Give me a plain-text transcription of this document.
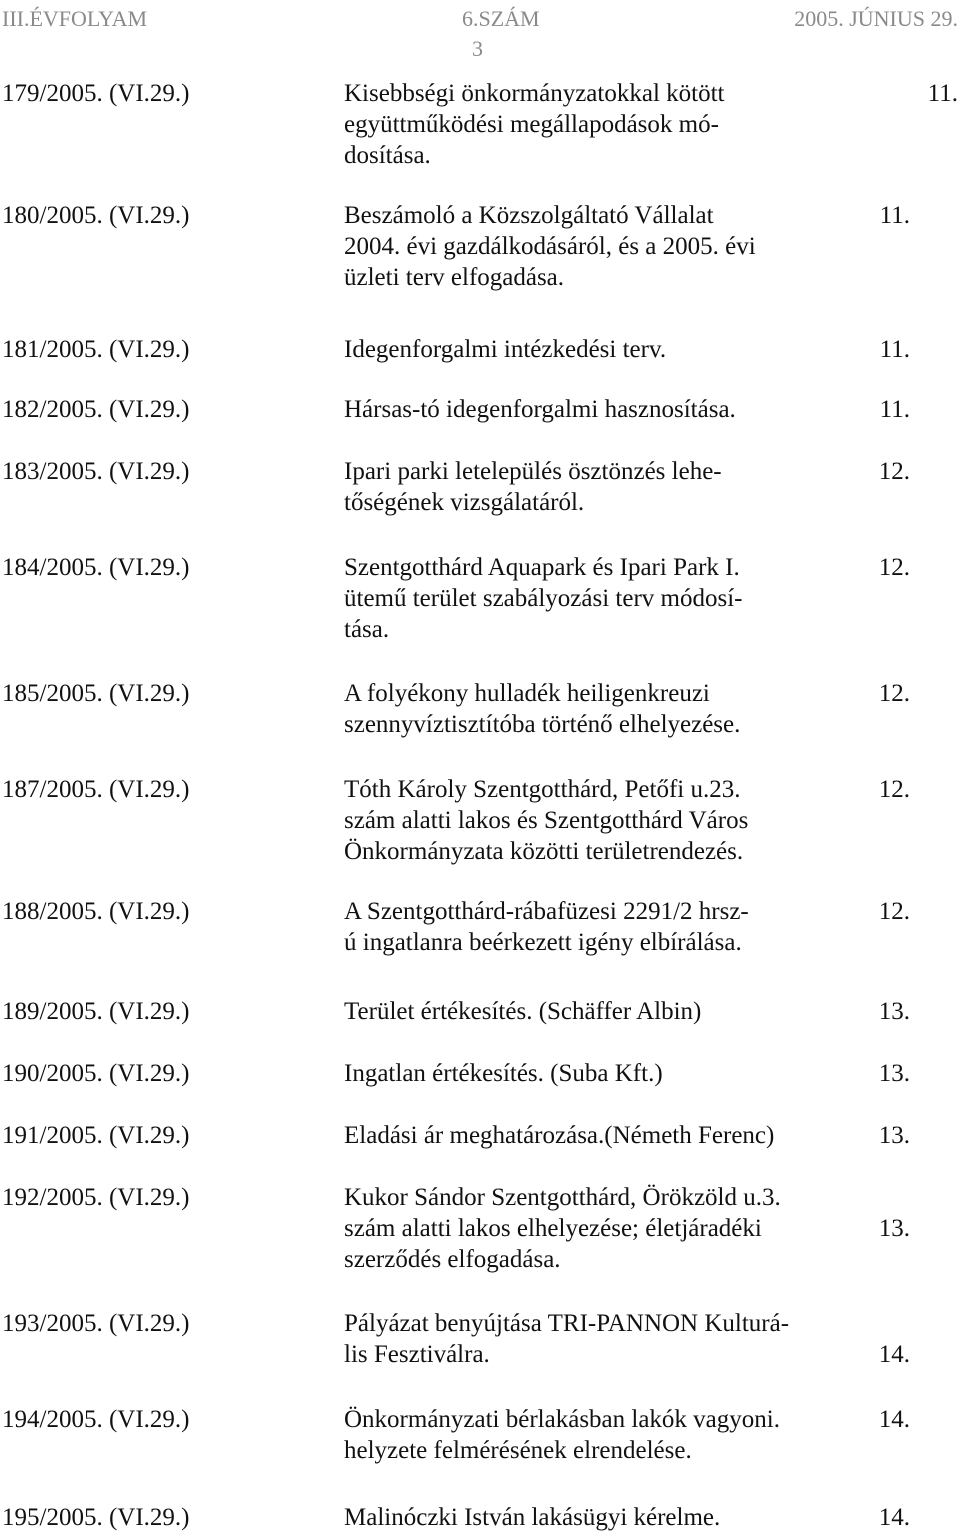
III.ÉVFOLYAM	6.SZÁM	2005. JÚNIUS 29.
3
179/2005. (VI.29.)	Kisebbségi önkormányzatokkal kötött
együttműködési megállapodások mó-
dosítása.
11.
180/2005. (VI.29.)	Beszámoló a Közszolgáltató Vállalat
2004. évi gazdálkodásáról, és a 2005. évi
üzleti terv elfogadása.
11.
181/2005. (VI.29.)	Idegenforgalmi intézkedési terv.	11.
182/2005. (VI.29.)	Hársas-tó idegenforgalmi hasznosítása.	11.
183/2005. (VI.29.)	Ipari parki letelepülés ösztönzés lehe-
tőségének vizsgálatáról.
12.
184/2005. (VI.29.)	Szentgotthárd Aquapark és Ipari Park I.
ütemű terület szabályozási terv módosí-
tása.
12.
185/2005. (VI.29.)	A folyékony hulladék heiligenkreuzi
szennyvíztisztítóba történő elhelyezése.
12.
187/2005. (VI.29.)	Tóth Károly Szentgotthárd, Petőfi u.23.
szám alatti lakos és Szentgotthárd Város
Önkormányzata közötti területrendezés.
12.
188/2005. (VI.29.)	A Szentgotthárd-rábafüzesi 2291/2 hrsz-
ú ingatlanra beérkezett igény elbírálása.
12.
189/2005. (VI.29.)	Terület értékesítés. (Schäffer Albin)	13.
190/2005. (VI.29.)	Ingatlan értékesítés. (Suba Kft.)	13.
191/2005. (VI.29.)	Eladási ár meghatározása.(Németh Ferenc)	13.
192/2005. (VI.29.)	Kukor Sándor Szentgotthárd, Örökzöld u.3.
szám alatti lakos elhelyezése; életjáradéki
szerződés elfogadása.
13.
193/2005. (VI.29.)	Pályázat benyújtása TRI-PANNON Kulturá-
lis Fesztiválra.	14.
194/2005. (VI.29.)	Önkormányzati bérlakásban lakók vagyoni.
helyzete felmérésének elrendelése.
14.
195/2005. (VI.29.)	Malinóczki István lakásügyi kérelme.	14.
